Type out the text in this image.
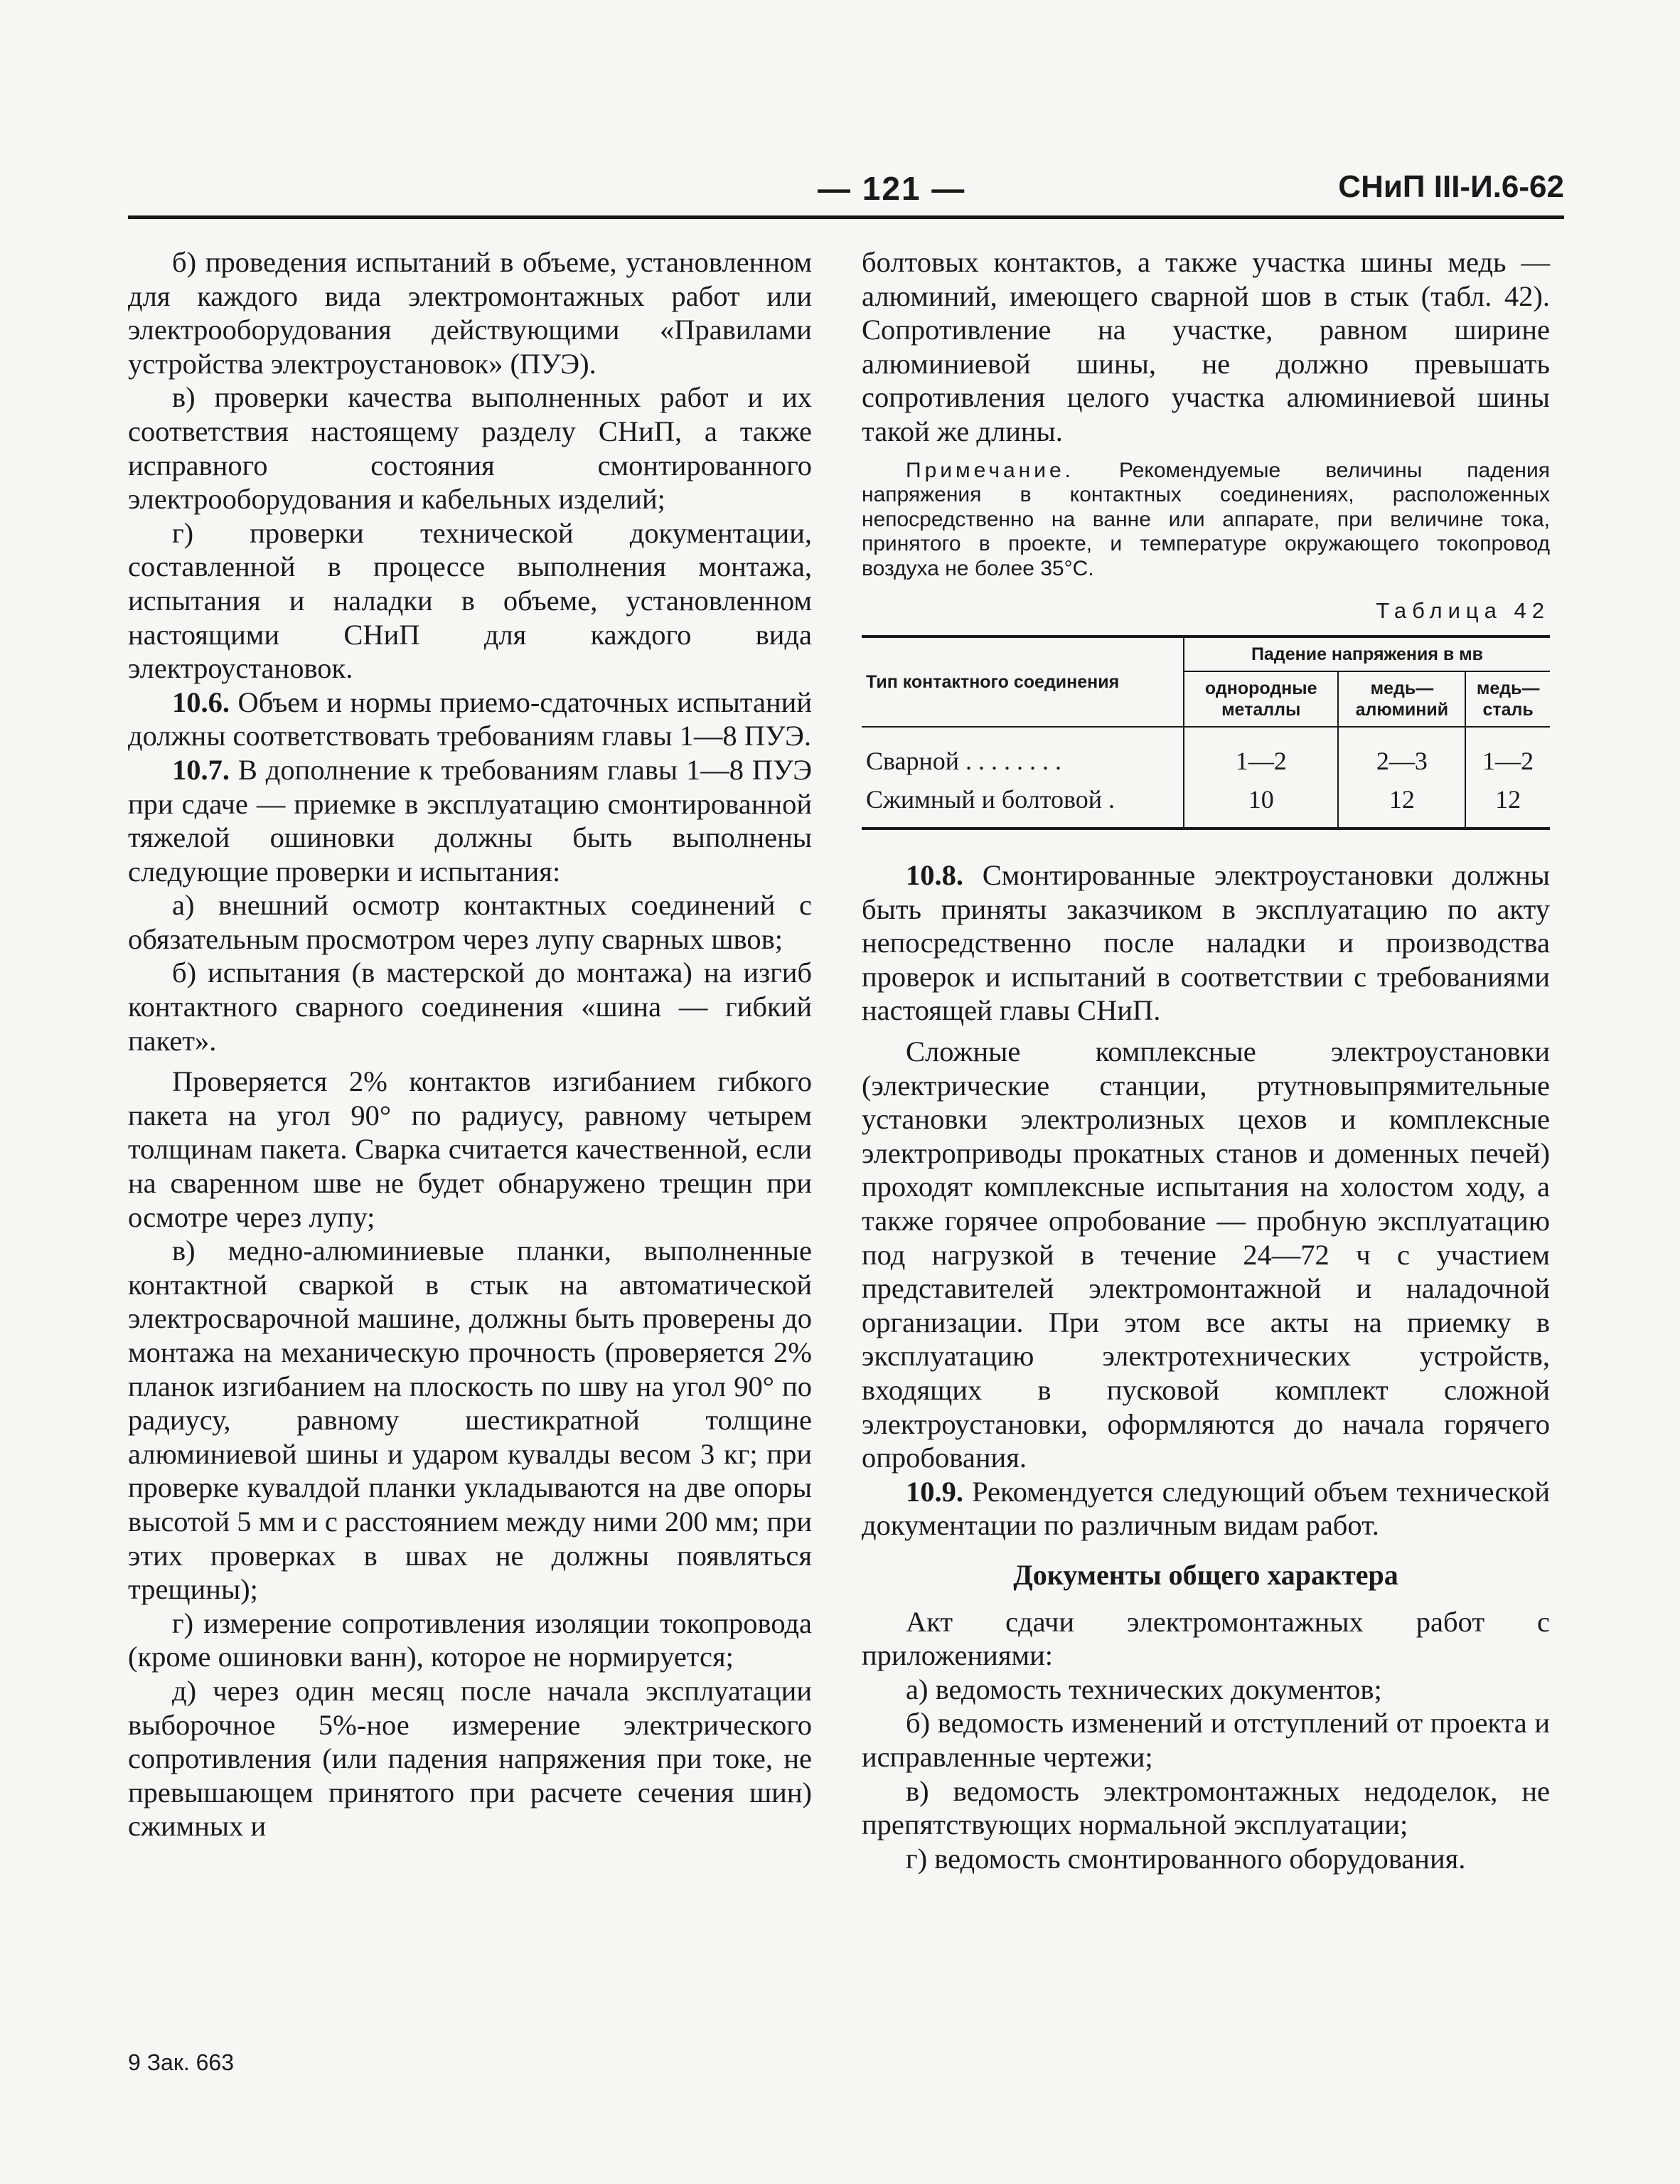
— 121 —	СНиП III-И.6-62

б) проведения испытаний в объеме, установленном для каждого вида электромонтажных работ или электрооборудования действующими «Правилами устройства электроустановок» (ПУЭ).

в) проверки качества выполненных работ и их соответствия настоящему разделу СНиП, а также исправного состояния смонтированного электрооборудования и кабельных изделий;

г) проверки технической документации, составленной в процессе выполнения монтажа, испытания и наладки в объеме, установленном настоящими СНиП для каждого вида электроустановок.

10.6. Объем и нормы приемо-сдаточных испытаний должны соответствовать требованиям главы 1—8 ПУЭ.

10.7. В дополнение к требованиям главы 1—8 ПУЭ при сдаче — приемке в эксплуатацию смонтированной тяжелой ошиновки должны быть выполнены следующие проверки и испытания:

а) внешний осмотр контактных соединений с обязательным просмотром через лупу сварных швов;

б) испытания (в мастерской до монтажа) на изгиб контактного сварного соединения «шина — гибкий пакет».

Проверяется 2% контактов изгибанием гибкого пакета на угол 90° по радиусу, равному четырем толщинам пакета. Сварка считается качественной, если на сваренном шве не будет обнаружено трещин при осмотре через лупу;

в) медно-алюминиевые планки, выполненные контактной сваркой в стык на автоматической электросварочной машине, должны быть проверены до монтажа на механическую прочность (проверяется 2% планок изгибанием на плоскость по шву на угол 90° по радиусу, равному шестикратной толщине алюминиевой шины и ударом кувалды весом 3 кг; при проверке кувалдой планки укладываются на две опоры высотой 5 мм и с расстоянием между ними 200 мм; при этих проверках в швах не должны появляться трещины);

г) измерение сопротивления изоляции токопровода (кроме ошиновки ванн), которое не нормируется;

д) через один месяц после начала эксплуатации выборочное 5%-ное измерение электрического сопротивления (или падения напряжения при токе, не превышающем принятого при расчете сечения шин) сжимных и

болтовых контактов, а также участка шины медь — алюминий, имеющего сварной шов в стык (табл. 42). Сопротивление на участке, равном ширине алюминиевой шины, не должно превышать сопротивления целого участка алюминиевой шины такой же длины.

Примечание. Рекомендуемые величины падения напряжения в контактных соединениях, расположенных непосредственно на ванне или аппарате, при величине тока, принятого в проекте, и температуре окружающего токопровод воздуха не более 35°С.

Таблица 42
Тип контактного соединения	Падение напряжения в мв		
	однородные металлы	медь—алюминий	медь—сталь
Сварной . . . . . . . .	1—2	2—3	1—2
Сжимный и болтовой .	10	12	12

10.8. Смонтированные электроустановки должны быть приняты заказчиком в эксплуатацию по акту непосредственно после наладки и производства проверок и испытаний в соответствии с требованиями настоящей главы СНиП.

Сложные комплексные электроустановки (электрические станции, ртутновыпрямительные установки электролизных цехов и комплексные электроприводы прокатных станов и доменных печей) проходят комплексные испытания на холостом ходу, а также горячее опробование — пробную эксплуатацию под нагрузкой в течение 24—72 ч с участием представителей электромонтажной и наладочной организации. При этом все акты на приемку в эксплуатацию электротехнических устройств, входящих в пусковой комплект сложной электроустановки, оформляются до начала горячего опробования.

10.9. Рекомендуется следующий объем технической документации по различным видам работ.

Документы общего характера

Акт сдачи электромонтажных работ с приложениями:

а) ведомость технических документов;

б) ведомость изменений и отступлений от проекта и исправленные чертежи;

в) ведомость электромонтажных недоделок, не препятствующих нормальной эксплуатации;

г) ведомость смонтированного оборудования.

9 Зак. 663
